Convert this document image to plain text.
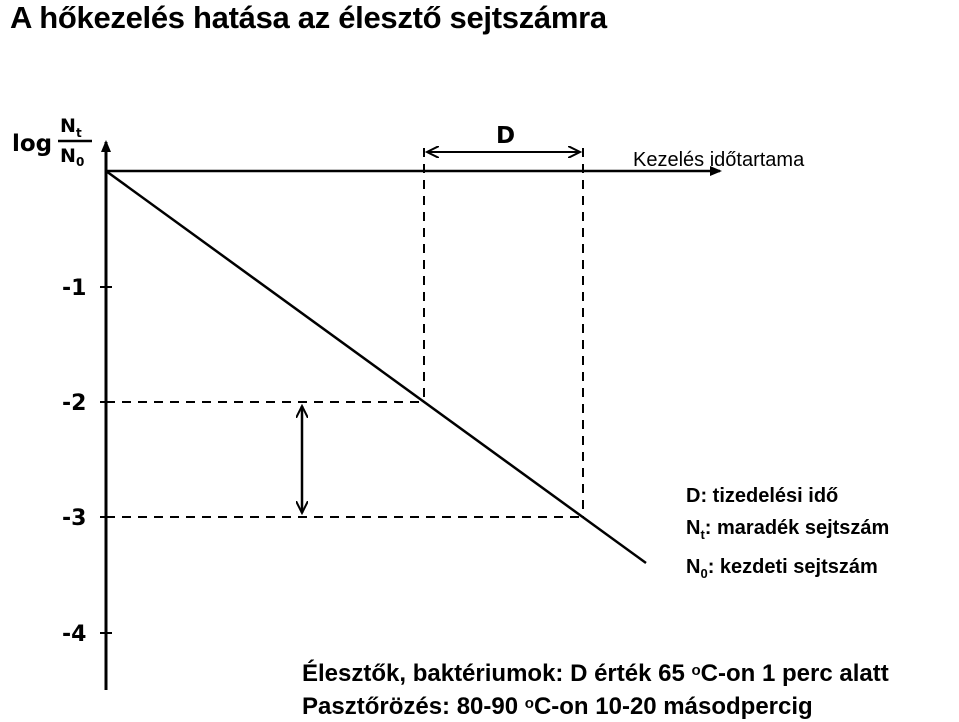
A hőkezelés hatása az élesztő sejtszámra
log
N t
N 0
-1
-2
-3
-4
D
Kezelés időtartama
D: tizedelési idő
$N_t$: maradék sejtszám
$N_0$: kezdeti sejtszám
Élesztők, baktériumok: D érték 65 $^o$C-on 1 perc alatt
Pasztőrözés: 80-90 $^o$C-on 10-20 másodpercig
